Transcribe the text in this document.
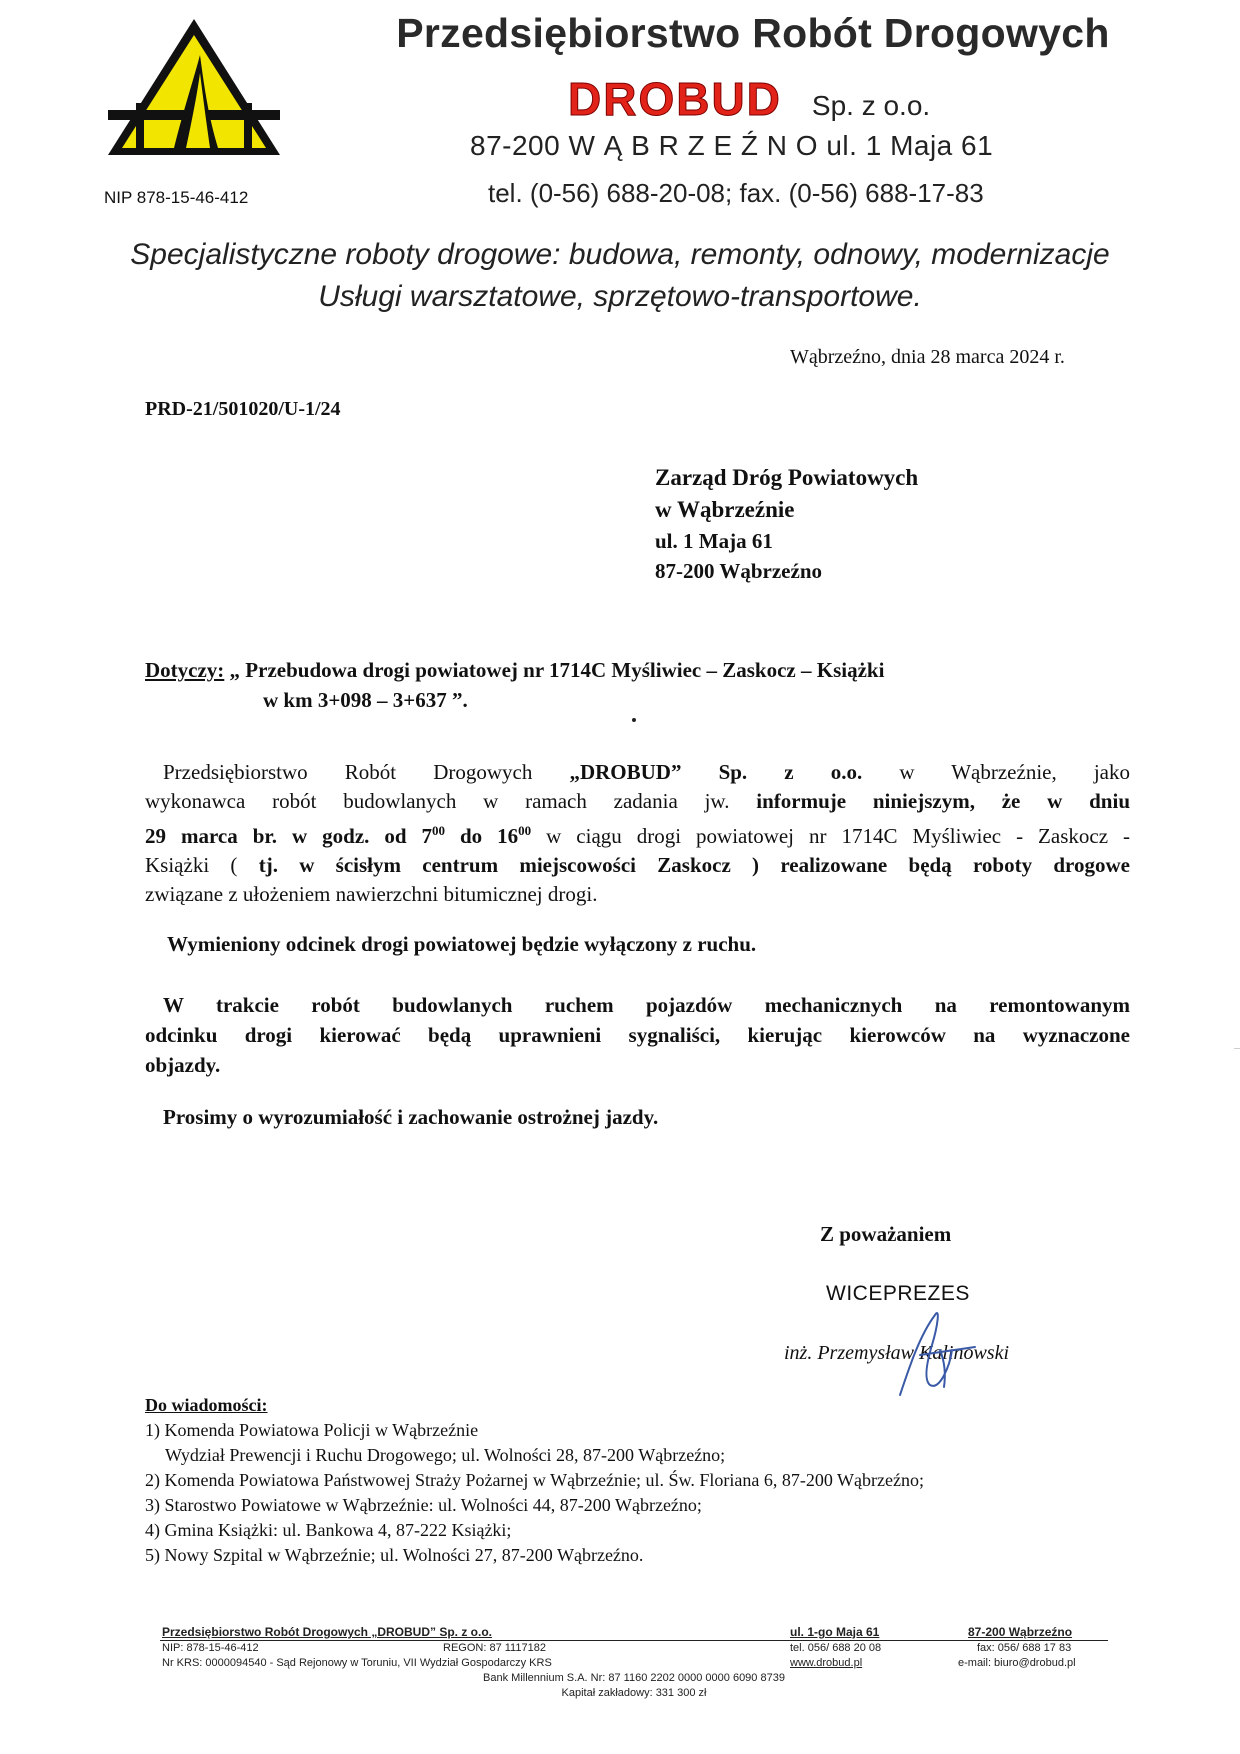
Przedsiębiorstwo Robót Drogowych
DROBUD Sp. z o.o.
87-200 W Ą B R Z E Ź N O ul. 1 Maja 61
tel. (0-56) 688-20-08; fax. (0-56) 688-17-83
NIP 878-15-46-412
Specjalistyczne roboty drogowe: budowa, remonty, odnowy, modernizacje
Usługi warsztatowe, sprzętowo-transportowe.
Wąbrzeźno, dnia 28 marca 2024 r.
PRD-21/501020/U-1/24
Zarząd Dróg Powiatowych
w Wąbrzeźnie
ul. 1 Maja 61
87-200 Wąbrzeźno
Dotyczy: „ Przebudowa drogi powiatowej nr 1714C Myśliwiec – Zaskocz – Książki
w km 3+098 – 3+637 ”.
Przedsiębiorstwo Robót Drogowych „DROBUD” Sp. z o.o. w Wąbrzeźnie, jako
wykonawca robót budowlanych w ramach zadania jw. informuje niniejszym, że w dniu
29 marca br. w godz. od $7^{00}$ do $16^{00}$ w ciągu drogi powiatowej nr 1714C Myśliwiec - Zaskocz -
Książki ( tj. w ścisłym centrum miejscowości Zaskocz ) realizowane będą roboty drogowe
związane z ułożeniem nawierzchni bitumicznej drogi.
Wymieniony odcinek drogi powiatowej będzie wyłączony z ruchu.
W trakcie robót budowlanych ruchem pojazdów mechanicznych na remontowanym
odcinku drogi kierować będą uprawnieni sygnaliści, kierując kierowców na wyznaczone
objazdy.
Prosimy o wyrozumiałość i zachowanie ostrożnej jazdy.
Z poważaniem
WICEPREZES
inż. Przemysław Kalinowski
Do wiadomości:
1) Komenda Powiatowa Policji w Wąbrzeźnie
Wydział Prewencji i Ruchu Drogowego; ul. Wolności 28, 87-200 Wąbrzeźno;
2) Komenda Powiatowa Państwowej Straży Pożarnej w Wąbrzeźnie; ul. Św. Floriana 6, 87-200 Wąbrzeźno;
3) Starostwo Powiatowe w Wąbrzeźnie: ul. Wolności 44, 87-200 Wąbrzeźno;
4) Gmina Książki: ul. Bankowa 4, 87-222 Książki;
5) Nowy Szpital w Wąbrzeźnie; ul. Wolności 27, 87-200 Wąbrzeźno.
Przedsiębiorstwo Robót Drogowych „DROBUD” Sp. z o.o.	ul. 1-go Maja 61	87-200 Wąbrzeźno
NIP: 878-15-46-412	REGON: 87 1117182	tel. 056/ 688 20 08	fax: 056/ 688 17 83
Nr KRS: 0000094540 - Sąd Rejonowy w Toruniu, VII Wydział Gospodarczy KRS	www.drobud.pl	e-mail: biuro@drobud.pl
Bank Millennium S.A. Nr: 87 1160 2202 0000 0000 6090 8739
Kapitał zakładowy: 331 300 zł
